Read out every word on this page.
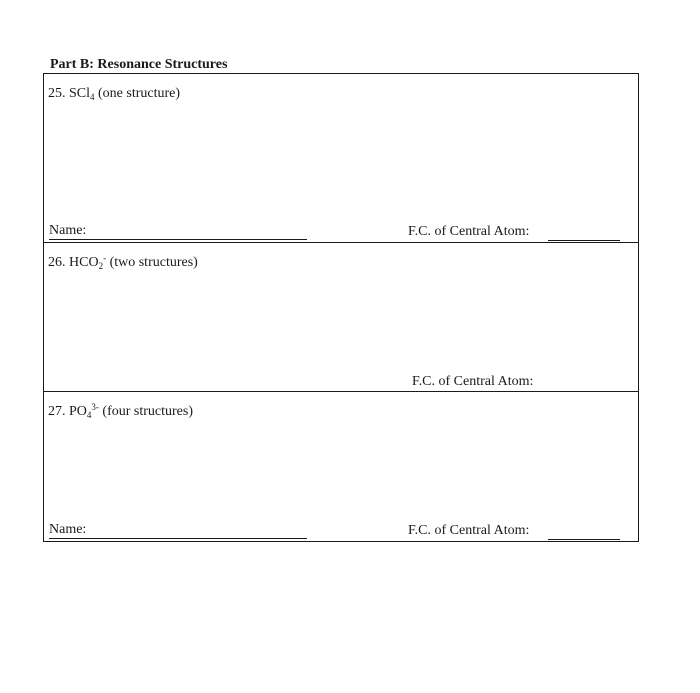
Part B: Resonance Structures
25. SCl$_4$ (one structure)
Name:	F.C. of Central Atom:
26. $HCO_2^-$ (two structures)
F.C. of Central Atom:
27. $PO_4^{3-}$ (four structures)
Name:	F.C. of Central Atom:
